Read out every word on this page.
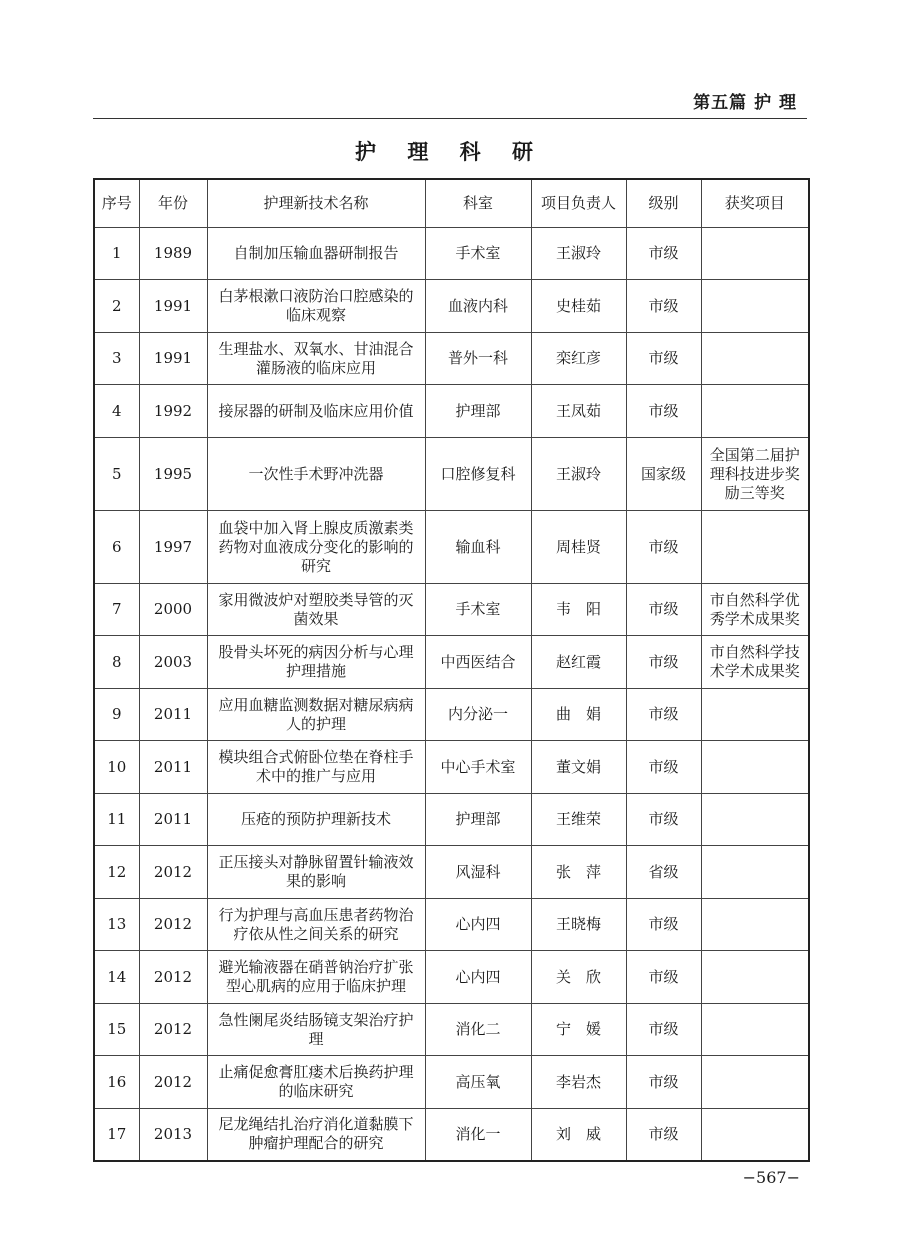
第五篇 护 理
护 理 科 研
序号	年份	护理新技术名称	科室	项目负责人	级别	获奖项目
1	1989	自制加压输血器研制报告	手术室	王淑玲	市级	
2	1991	白茅根漱口液防治口腔感染的临床观察	血液内科	史桂茹	市级	
3	1991	生理盐水、双氧水、甘油混合灌肠液的临床应用	普外一科	栾红彦	市级	
4	1992	接尿器的研制及临床应用价值	护理部	王凤茹	市级	
5	1995	一次性手术野冲洗器	口腔修复科	王淑玲	国家级	全国第二届护理科技进步奖励三等奖
6	1997	血袋中加入肾上腺皮质激素类药物对血液成分变化的影响的研究	输血科	周桂贤	市级	
7	2000	家用微波炉对塑胶类导管的灭菌效果	手术室	韦　阳	市级	市自然科学优秀学术成果奖
8	2003	股骨头坏死的病因分析与心理护理措施	中西医结合	赵红霞	市级	市自然科学技术学术成果奖
9	2011	应用血糖监测数据对糖尿病病人的护理	内分泌一	曲　娟	市级	
10	2011	模块组合式俯卧位垫在脊柱手术中的推广与应用	中心手术室	董文娟	市级	
11	2011	压疮的预防护理新技术	护理部	王维荣	市级	
12	2012	正压接头对静脉留置针输液效果的影响	风湿科	张　萍	省级	
13	2012	行为护理与高血压患者药物治疗依从性之间关系的研究	心内四	王晓梅	市级	
14	2012	避光输液器在硝普钠治疗扩张型心肌病的应用于临床护理	心内四	关　欣	市级	
15	2012	急性阑尾炎结肠镜支架治疗护理	消化二	宁　媛	市级	
16	2012	止痛促愈膏肛瘘术后换药护理的临床研究	高压氧	李岩杰	市级	
17	2013	尼龙绳结扎治疗消化道黏膜下肿瘤护理配合的研究	消化一	刘　威	市级	
−567−
